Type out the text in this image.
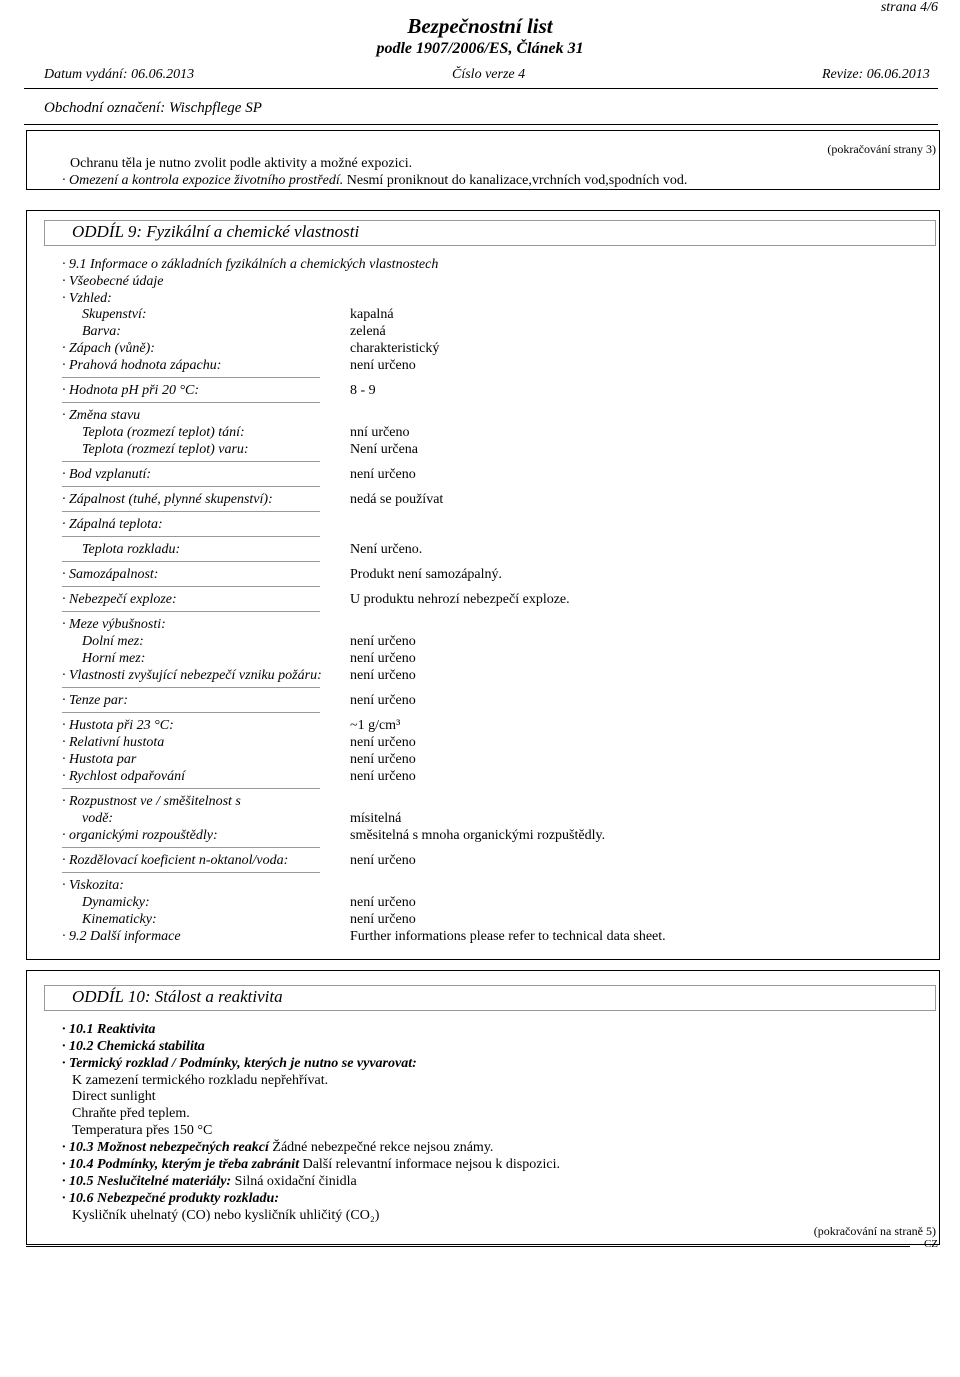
strana 4/6
Bezpečnostní list
podle 1907/2006/ES, Článek 31
Datum vydání: 06.06.2013	Číslo verze 4	Revize: 06.06.2013
Obchodní označení: Wischpflege SP
(pokračování strany 3)
Ochranu těla je nutno zvolit podle aktivity a možné expozici.
· Omezení a kontrola expozice životního prostředí. Nesmí proniknout do kanalizace,vrchních vod,spodních vod.
ODDÍL 9: Fyzikální a chemické vlastnosti
· 9.1 Informace o základních fyzikálních a chemických vlastnostech
· Všeobecné údaje
· Vzhled:
Skupenství:	kapalná
Barva:	zelená
· Zápach (vůně):	charakteristický
· Prahová hodnota zápachu:	není určeno
· Hodnota pH při 20 °C:	8 - 9
· Změna stavu
Teplota (rozmezí teplot) tání:	nní určeno
Teplota (rozmezí teplot) varu:	Není určena
· Bod vzplanutí:	není určeno
· Zápalnost (tuhé, plynné skupenství):	nedá se používat
· Zápalná teplota:
Teplota rozkladu:	Není určeno.
· Samozápalnost:	Produkt není samozápalný.
· Nebezpečí exploze:	U produktu nehrozí nebezpečí exploze.
· Meze výbušnosti:
Dolní mez:	není určeno
Horní mez:	není určeno
· Vlastnosti zvyšující nebezpečí vzniku požáru: není určeno
· Tenze par:	není určeno
· Hustota při 23 °C:	~1 g/cm³
· Relativní hustota	není určeno
· Hustota par	není určeno
· Rychlost odpařování	není určeno
· Rozpustnost ve / směšitelnost s
vodě:	mísitelná
· organickými rozpouštědly:	směsitelná s mnoha organickými rozpuštědly.
· Rozdělovací koeficient n-oktanol/voda:	není určeno
· Viskozita:
Dynamicky:	není určeno
Kinematicky:	není určeno
· 9.2 Další informace	Further informations please refer to technical data sheet.
ODDÍL 10: Stálost a reaktivita
· 10.1 Reaktivita
· 10.2 Chemická stabilita
· Termický rozklad / Podmínky, kterých je nutno se vyvarovat:
K zamezení termického rozkladu nepřehřívat.
Direct sunlight
Chraňte před teplem.
Temperatura přes 150 °C
· 10.3 Možnost nebezpečných reakcí Žádné nebezpečné rekce nejsou známy.
· 10.4 Podmínky, kterým je třeba zabránit Další relevantní informace nejsou k dispozici.
· 10.5 Neslučitelné materiály: Silná oxidační činidla
· 10.6 Nebezpečné produkty rozkladu:
Kysličník uhelnatý (CO) nebo kysličník uhličitý (CO₂)
(pokračování na straně 5)
CZ
